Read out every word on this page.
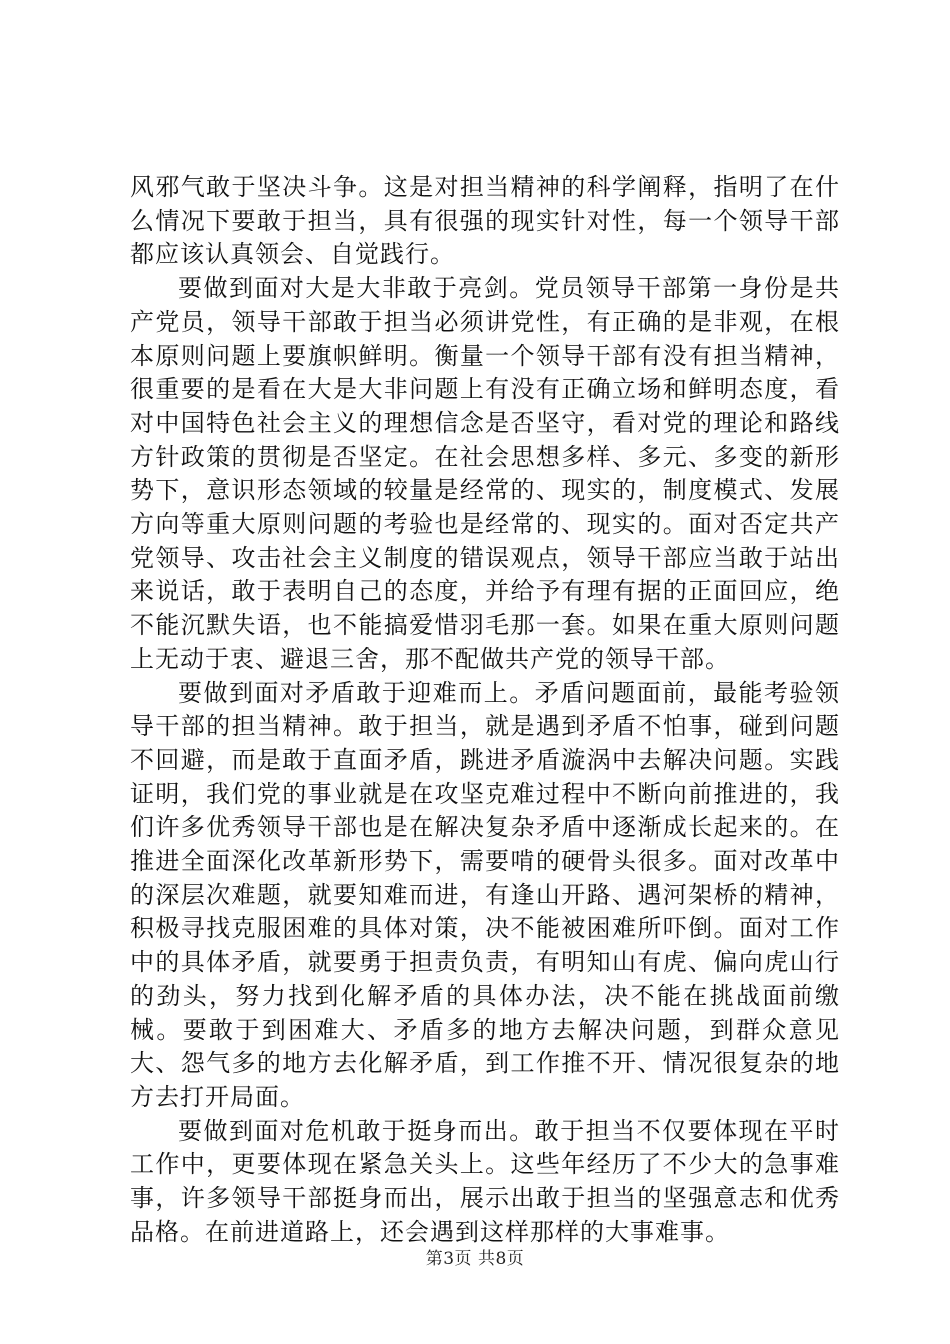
风邪气敢于坚决斗争。这是对担当精神的科学阐释，指明了在什么情况下要敢于担当，具有很强的现实针对性，每一个领导干部都应该认真领会、自觉践行。

要做到面对大是大非敢于亮剑。党员领导干部第一身份是共产党员，领导干部敢于担当必须讲党性，有正确的是非观，在根本原则问题上要旗帜鲜明。衡量一个领导干部有没有担当精神，很重要的是看在大是大非问题上有没有正确立场和鲜明态度，看对中国特色社会主义的理想信念是否坚守，看对党的理论和路线方针政策的贯彻是否坚定。在社会思想多样、多元、多变的新形势下，意识形态领域的较量是经常的、现实的，制度模式、发展方向等重大原则问题的考验也是经常的、现实的。面对否定共产党领导、攻击社会主义制度的错误观点，领导干部应当敢于站出来说话，敢于表明自己的态度，并给予有理有据的正面回应，绝不能沉默失语，也不能搞爱惜羽毛那一套。如果在重大原则问题上无动于衷、避退三舍，那不配做共产党的领导干部。

要做到面对矛盾敢于迎难而上。矛盾问题面前，最能考验领导干部的担当精神。敢于担当，就是遇到矛盾不怕事，碰到问题不回避，而是敢于直面矛盾，跳进矛盾漩涡中去解决问题。实践证明，我们党的事业就是在攻坚克难过程中不断向前推进的，我们许多优秀领导干部也是在解决复杂矛盾中逐渐成长起来的。在推进全面深化改革新形势下，需要啃的硬骨头很多。面对改革中的深层次难题，就要知难而进，有逢山开路、遇河架桥的精神，积极寻找克服困难的具体对策，决不能被困难所吓倒。面对工作中的具体矛盾，就要勇于担责负责，有明知山有虎、偏向虎山行的劲头，努力找到化解矛盾的具体办法，决不能在挑战面前缴械。要敢于到困难大、矛盾多的地方去解决问题，到群众意见大、怨气多的地方去化解矛盾，到工作推不开、情况很复杂的地方去打开局面。

要做到面对危机敢于挺身而出。敢于担当不仅要体现在平时工作中，更要体现在紧急关头上。这些年经历了不少大的急事难事，许多领导干部挺身而出，展示出敢于担当的坚强意志和优秀品格。在前进道路上，还会遇到这样那样的大事难事。

第3页 共8页
